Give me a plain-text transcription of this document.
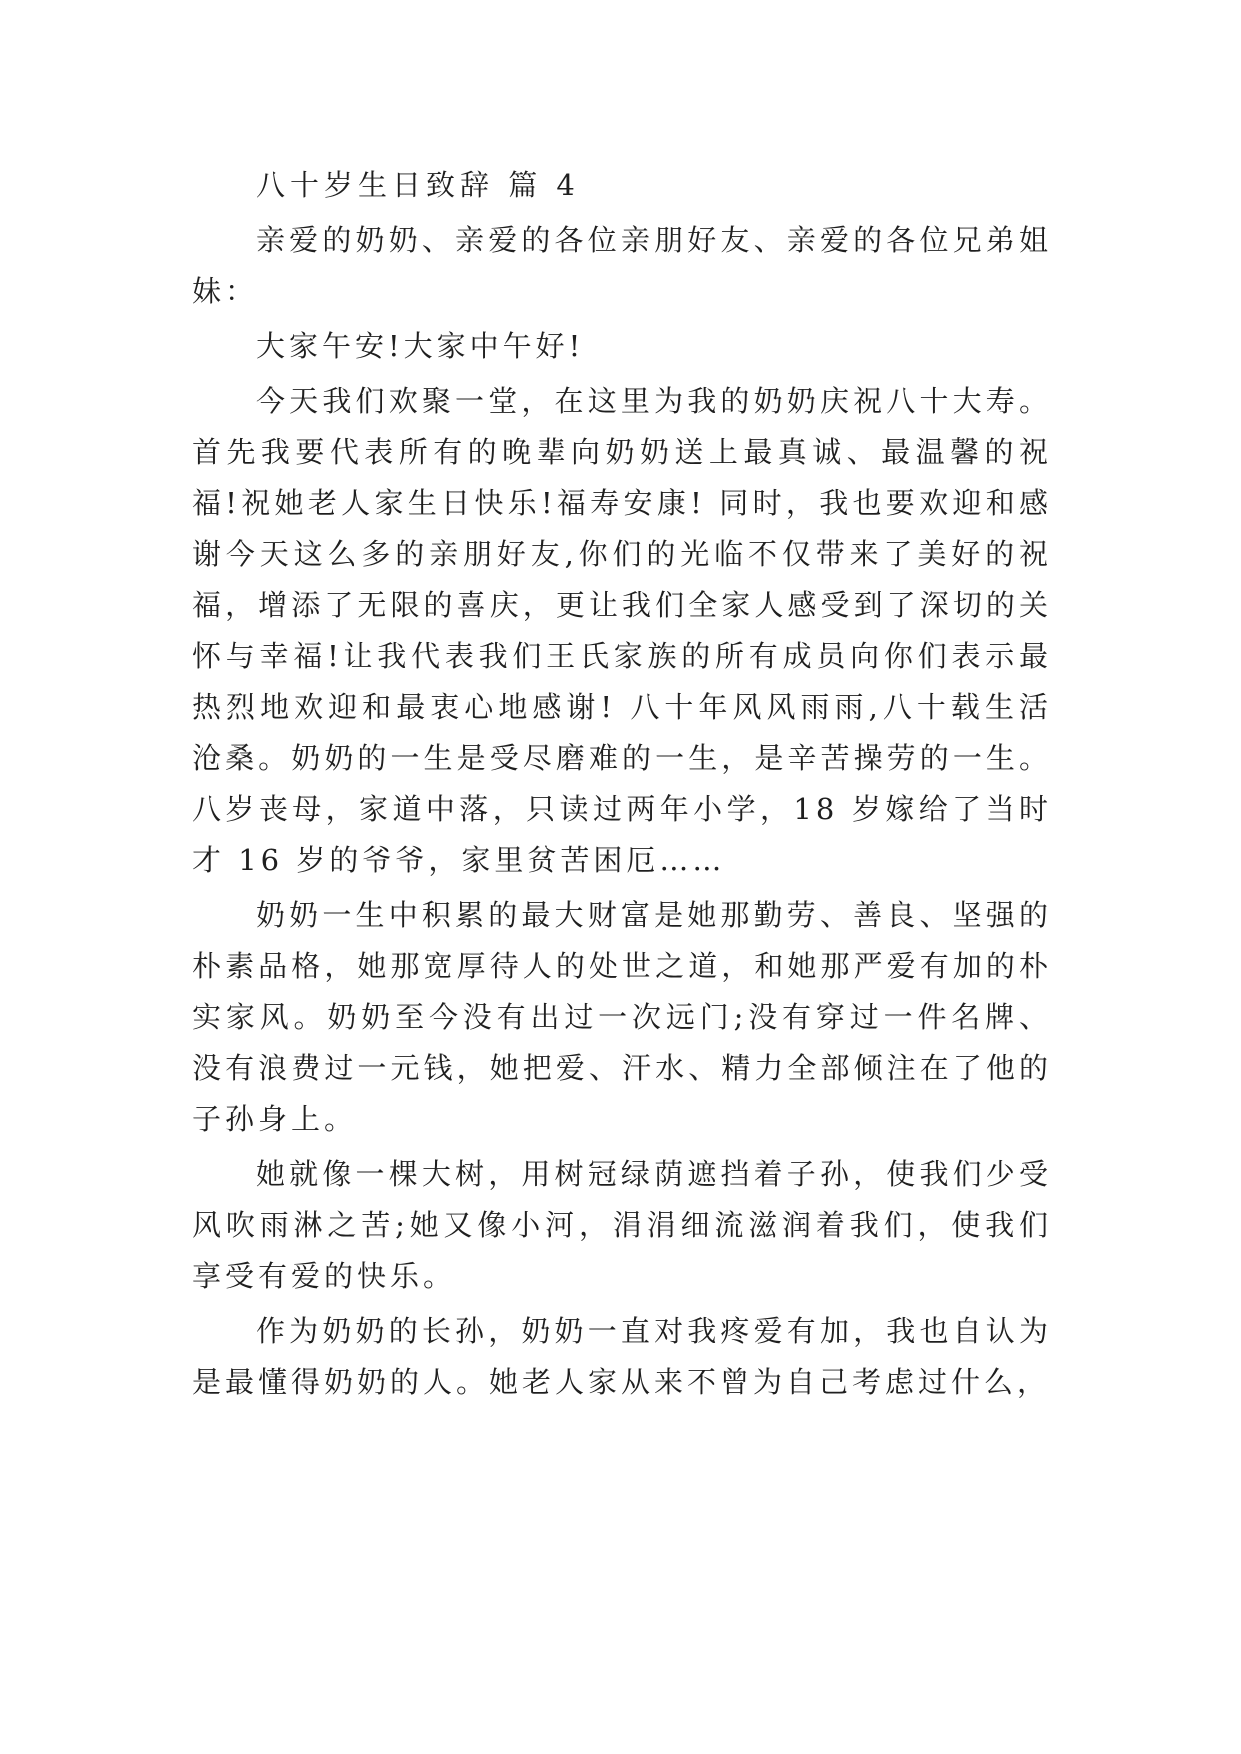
八十岁生日致辞 篇 4

亲爱的奶奶、亲爱的各位亲朋好友、亲爱的各位兄弟姐妹：

大家午安!大家中午好!

今天我们欢聚一堂，在这里为我的奶奶庆祝八十大寿。首先我要代表所有的晚辈向奶奶送上最真诚、最温馨的祝福!祝她老人家生日快乐!福寿安康! 同时，我也要欢迎和感谢今天这么多的亲朋好友,你们的光临不仅带来了美好的祝福，增添了无限的喜庆，更让我们全家人感受到了深切的关怀与幸福!让我代表我们王氏家族的所有成员向你们表示最热烈地欢迎和最衷心地感谢! 八十年风风雨雨,八十载生活沧桑。奶奶的一生是受尽磨难的一生，是辛苦操劳的一生。八岁丧母，家道中落，只读过两年小学，18 岁嫁给了当时才 16 岁的爷爷，家里贫苦困厄……

奶奶一生中积累的最大财富是她那勤劳、善良、坚强的朴素品格，她那宽厚待人的处世之道，和她那严爱有加的朴实家风。奶奶至今没有出过一次远门;没有穿过一件名牌、没有浪费过一元钱，她把爱、汗水、精力全部倾注在了他的子孙身上。

她就像一棵大树，用树冠绿荫遮挡着子孙，使我们少受风吹雨淋之苦;她又像小河，涓涓细流滋润着我们，使我们享受有爱的快乐。

作为奶奶的长孙，奶奶一直对我疼爱有加，我也自认为是最懂得奶奶的人。她老人家从来不曾为自己考虑过什么，
